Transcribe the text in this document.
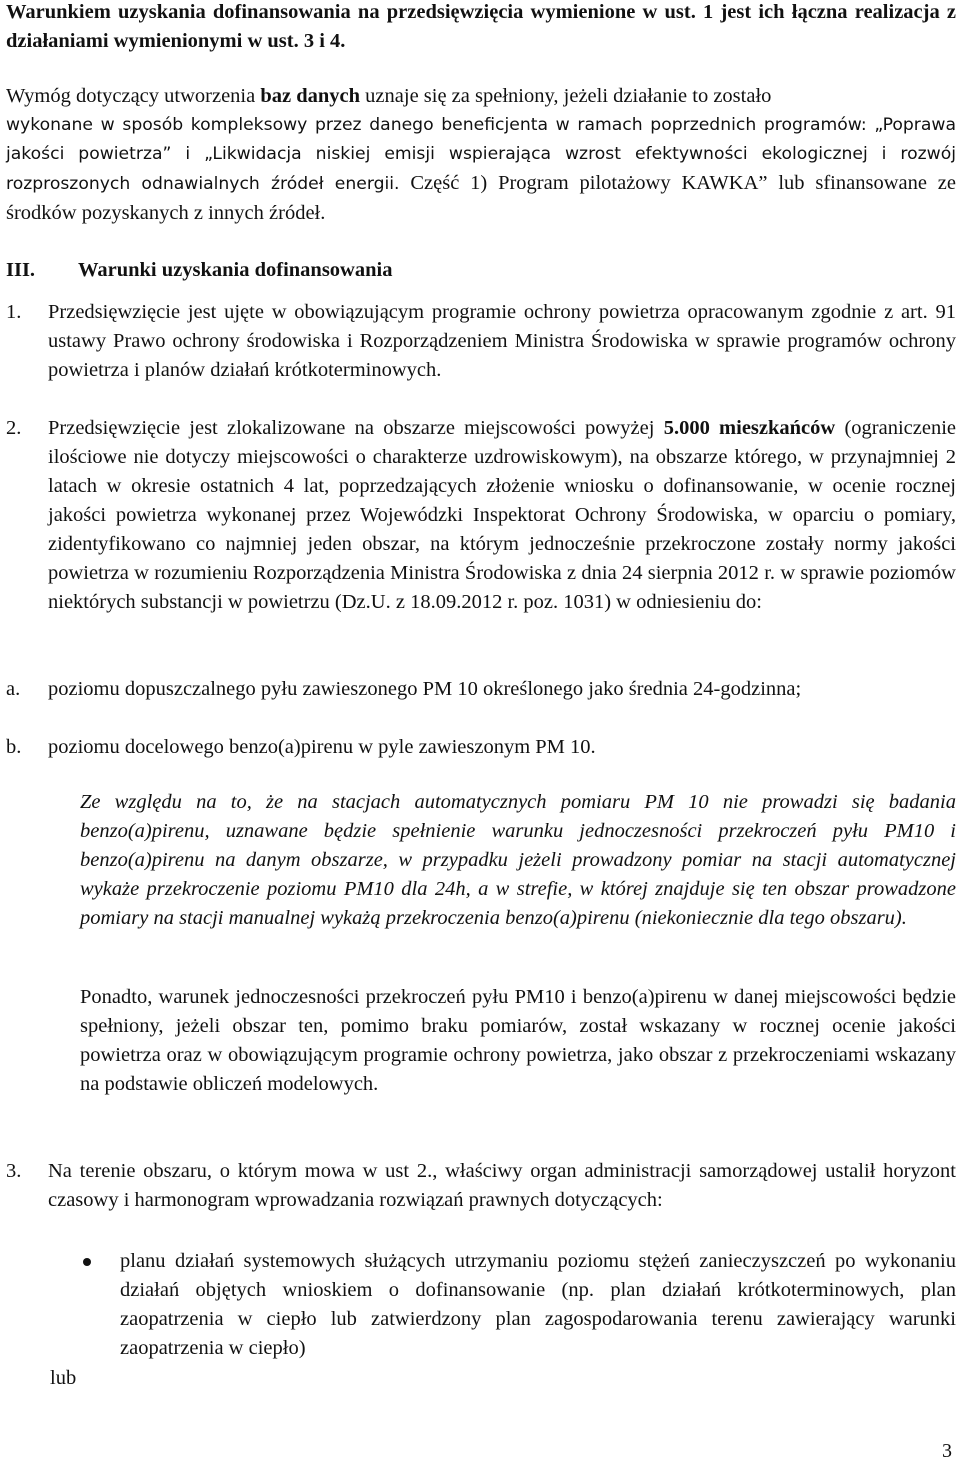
Warunkiem uzyskania dofinansowania na przedsięwzięcia wymienione w ust. 1 jest ich łączna realizacja z działaniami wymienionymi w ust. 3 i 4.

Wymóg dotyczący utworzenia baz danych uznaje się za spełniony, jeżeli działanie to zostało

wykonane w sposób kompleksowy przez danego beneficjenta w ramach poprzednich programów: „Poprawa jakości powietrza” i „Likwidacja niskiej emisji wspierająca wzrost efektywności ekologicznej i rozwój rozproszonych odnawialnych źródeł energii. Część 1) Program pilotażowy KAWKA” lub sfinansowane ze środków pozyskanych z innych źródeł.

III. Warunki uzyskania dofinansowania
1. Przedsięwzięcie jest ujęte w obowiązującym programie ochrony powietrza opracowanym zgodnie z art. 91 ustawy Prawo ochrony środowiska i Rozporządzeniem Ministra Środowiska w sprawie programów ochrony powietrza i planów działań krótkoterminowych.
2. Przedsięwzięcie jest zlokalizowane na obszarze miejscowości powyżej 5.000 mieszkańców (ograniczenie ilościowe nie dotyczy miejscowości o charakterze uzdrowiskowym), na obszarze którego, w przynajmniej 2 latach w okresie ostatnich 4 lat, poprzedzających złożenie wniosku o dofinansowanie, w ocenie rocznej jakości powietrza wykonanej przez Wojewódzki Inspektorat Ochrony Środowiska, w oparciu o pomiary, zidentyfikowano co najmniej jeden obszar, na którym jednocześnie przekroczone zostały normy jakości powietrza w rozumieniu Rozporządzenia Ministra Środowiska z dnia 24 sierpnia 2012 r. w sprawie poziomów niektórych substancji w powietrzu (Dz.U. z 18.09.2012 r. poz. 1031) w odniesieniu do:
a. poziomu dopuszczalnego pyłu zawieszonego PM 10 określonego jako średnia 24-godzinna;
b. poziomu docelowego benzo(a)pirenu w pyle zawieszonym PM 10.

Ze względu na to, że na stacjach automatycznych pomiaru PM 10 nie prowadzi się badania benzo(a)pirenu, uznawane będzie spełnienie warunku jednoczesności przekroczeń pyłu PM10 i benzo(a)pirenu na danym obszarze, w przypadku jeżeli prowadzony pomiar na stacji automatycznej wykaże przekroczenie poziomu PM10 dla 24h, a w strefie, w której znajduje się ten obszar prowadzone pomiary na stacji manualnej wykażą przekroczenia benzo(a)pirenu (niekoniecznie dla tego obszaru).

Ponadto, warunek jednoczesności przekroczeń pyłu PM10 i benzo(a)pirenu w danej miejscowości będzie spełniony, jeżeli obszar ten, pomimo braku pomiarów, został wskazany w rocznej ocenie jakości powietrza oraz w obowiązującym programie ochrony powietrza, jako obszar z przekroczeniami wskazany na podstawie obliczeń modelowych.

3. Na terenie obszaru, o którym mowa w ust 2., właściwy organ administracji samorządowej ustalił horyzont czasowy i harmonogram wprowadzania rozwiązań prawnych dotyczących:
planu działań systemowych służących utrzymaniu poziomu stężeń zanieczyszczeń po wykonaniu działań objętych wnioskiem o dofinansowanie (np. plan działań krótkoterminowych, plan zaopatrzenia w ciepło lub zatwierdzony plan zagospodarowania terenu zawierający warunki zaopatrzenia w ciepło)
lub
3
